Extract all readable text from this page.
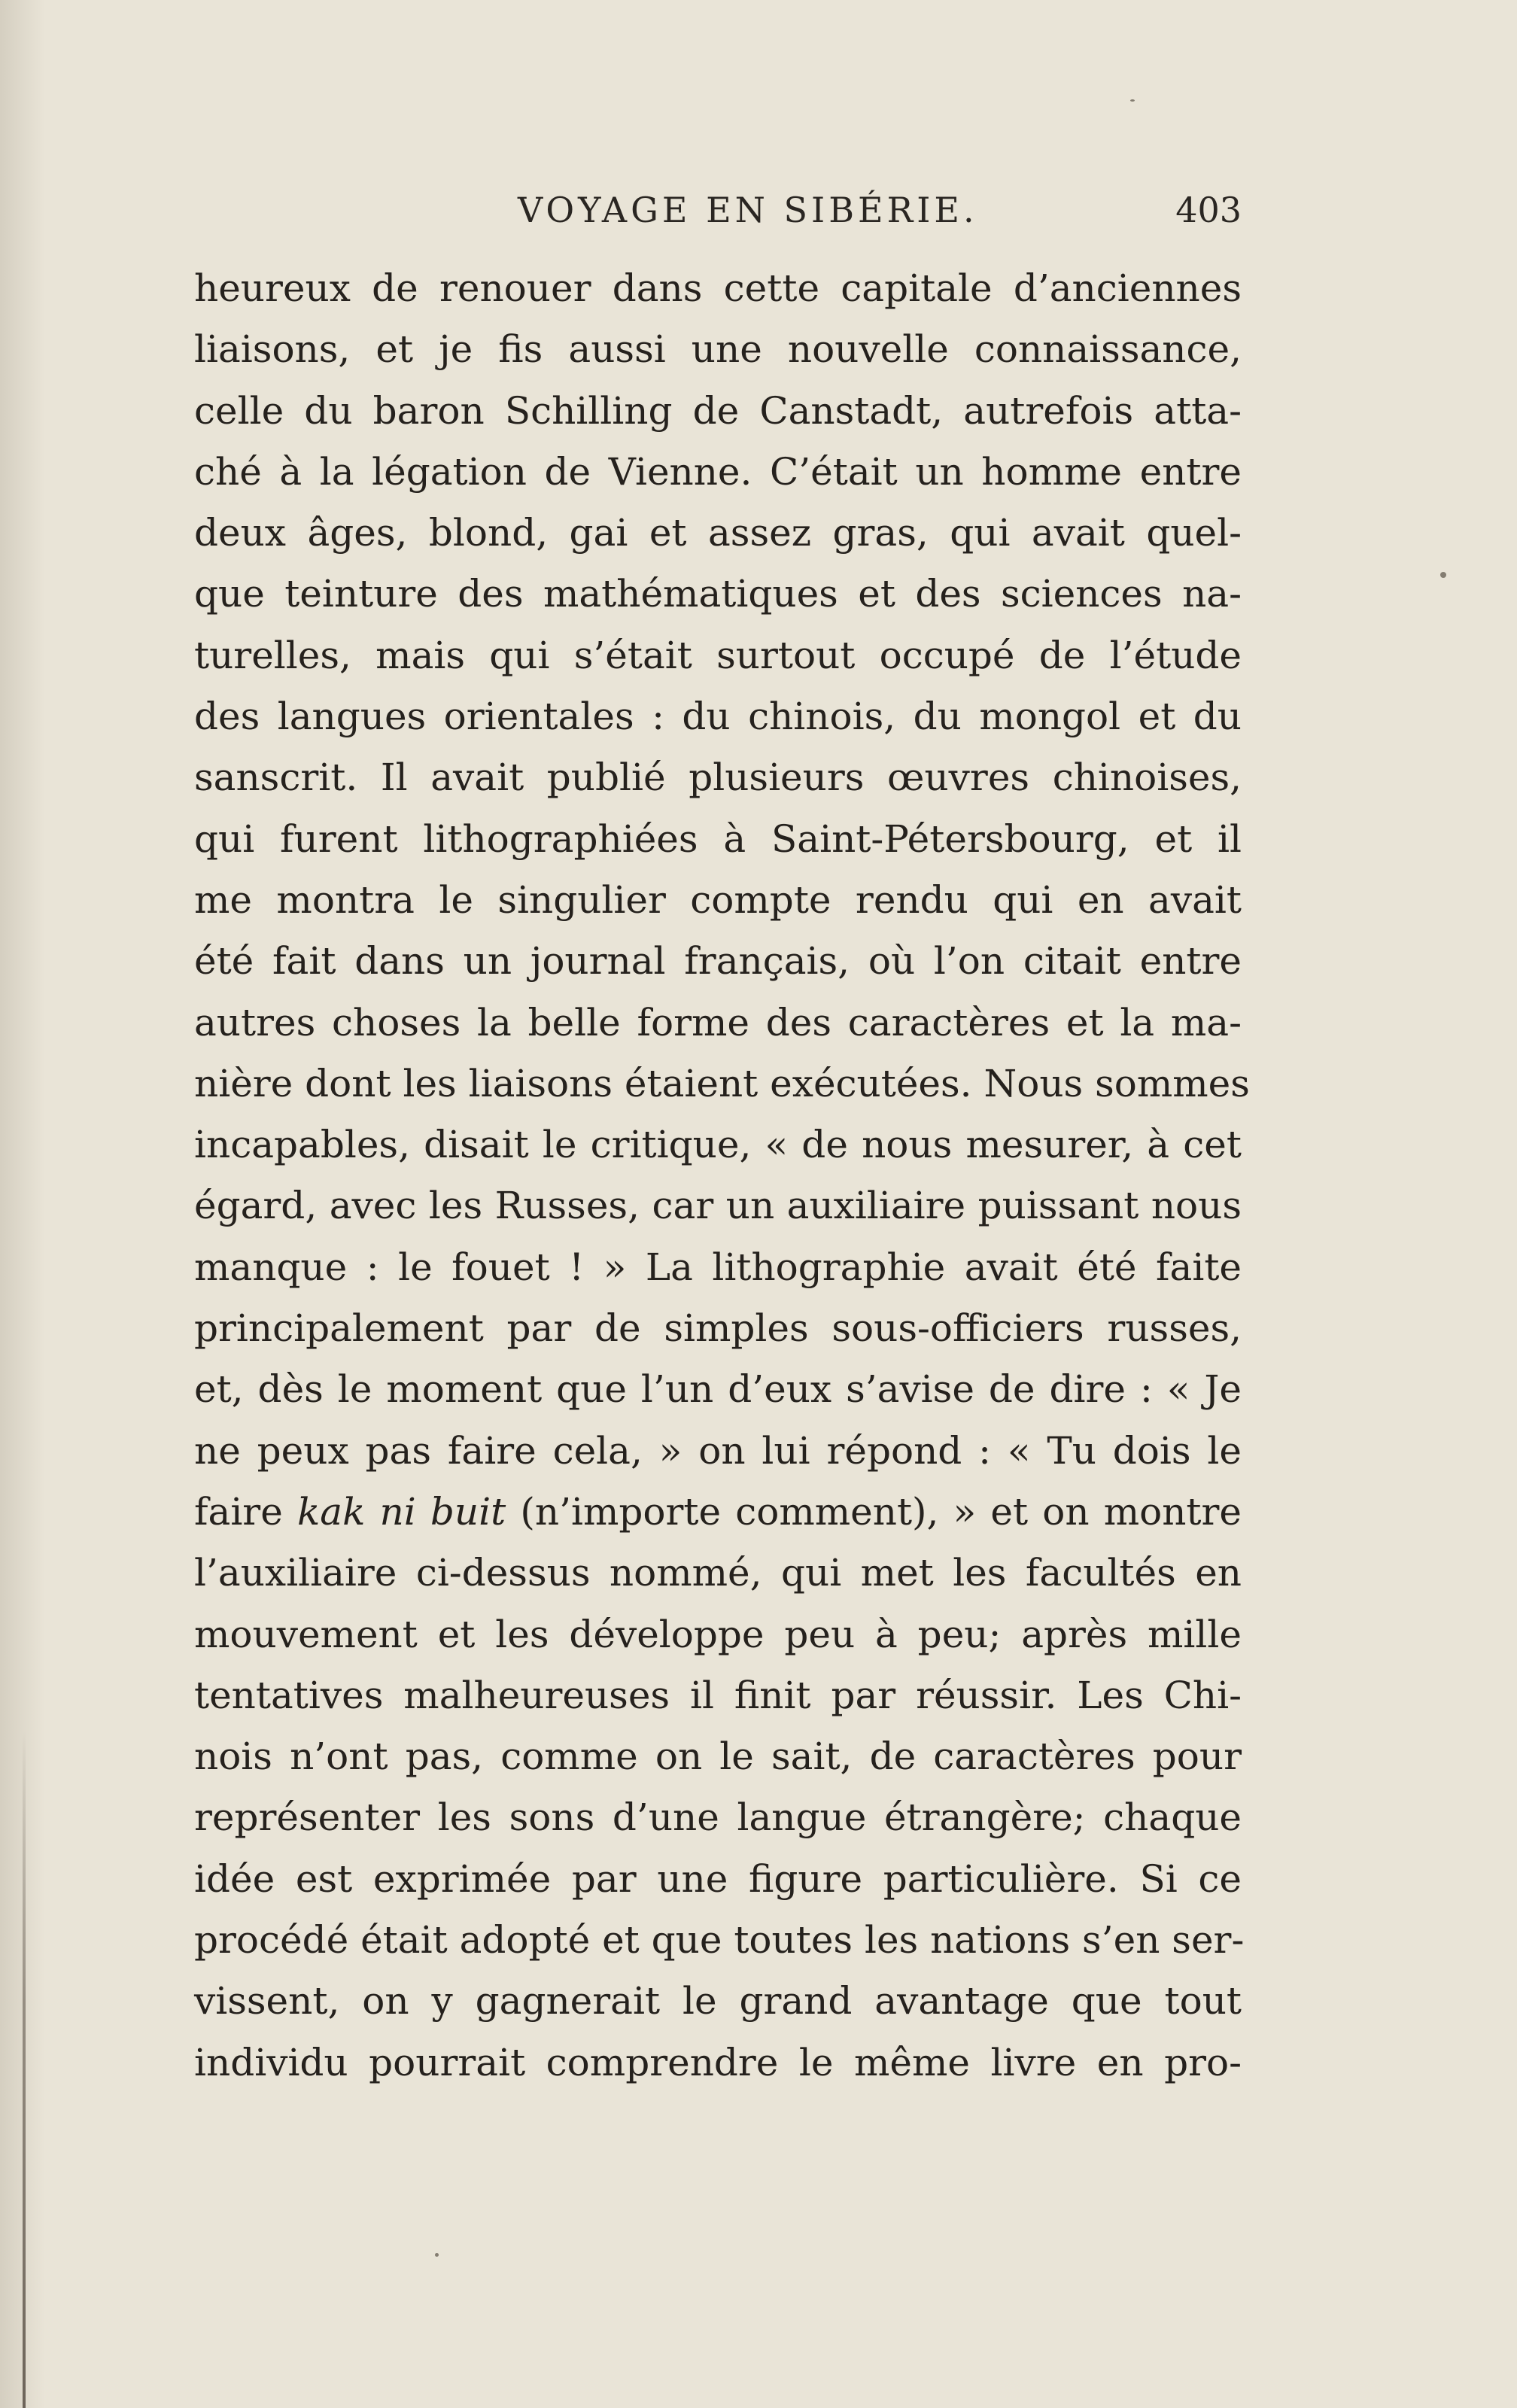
VOYAGE EN SIBÉRIE.	403
heureux de renouer dans cette capitale d’anciennes
liaisons, et je fis aussi une nouvelle connaissance,
celle du baron Schilling de Canstadt, autrefois atta-
ché à la légation de Vienne. C’était un homme entre
deux âges, blond, gai et assez gras, qui avait quel-
que teinture des mathématiques et des sciences na-
turelles, mais qui s’était surtout occupé de l’étude
des langues orientales : du chinois, du mongol et du
sanscrit. Il avait publié plusieurs œuvres chinoises,
qui furent lithographiées à Saint-Pétersbourg, et il
me montra le singulier compte rendu qui en avait
été fait dans un journal français, où l’on citait entre
autres choses la belle forme des caractères et la ma-
nière dont les liaisons étaient exécutées. Nous sommes
incapables, disait le critique, « de nous mesurer, à cet
égard, avec les Russes, car un auxiliaire puissant nous
manque : le fouet ! » La lithographie avait été faite
principalement par de simples sous-officiers russes,
et, dès le moment que l’un d’eux s’avise de dire : « Je
ne peux pas faire cela, » on lui répond : « Tu dois le
faire kak ni buit (n’importe comment), » et on montre
l’auxiliaire ci-dessus nommé, qui met les facultés en
mouvement et les développe peu à peu; après mille
tentatives malheureuses il finit par réussir. Les Chi-
nois n’ont pas, comme on le sait, de caractères pour
représenter les sons d’une langue étrangère; chaque
idée est exprimée par une figure particulière. Si ce
procédé était adopté et que toutes les nations s’en ser-
vissent, on y gagnerait le grand avantage que tout
individu pourrait comprendre le même livre en pro-
